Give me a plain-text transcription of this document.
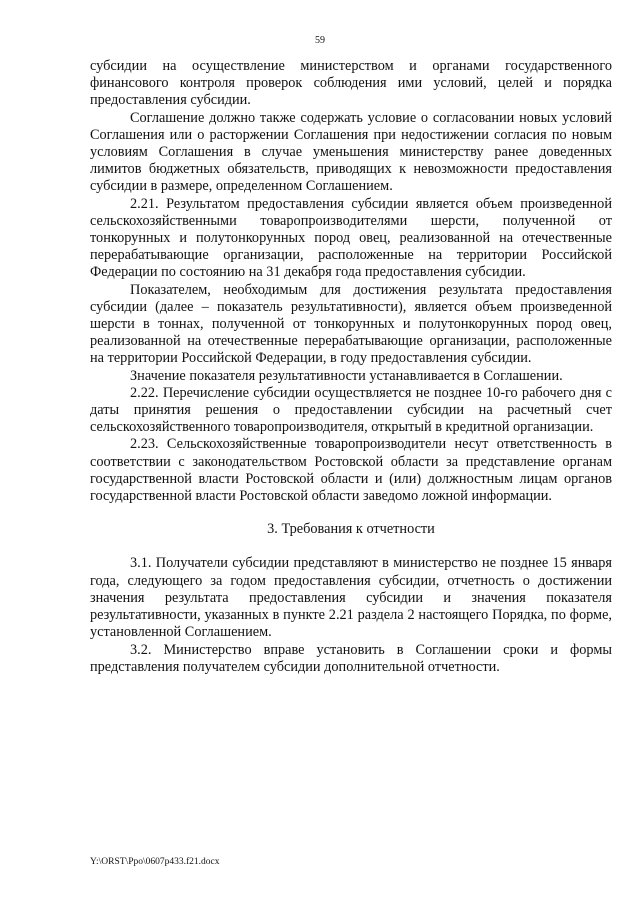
59

субсидии на осуществление министерством и органами государственного финансового контроля проверок соблюдения ими условий, целей и порядка предоставления субсидии.

Соглашение должно также содержать условие о согласовании новых условий Соглашения или о расторжении Соглашения при недостижении согласия по новым условиям Соглашения в случае уменьшения министерству ранее доведенных лимитов бюджетных обязательств, приводящих к невозможности предоставления субсидии в размере, определенном Соглашением.

2.21. Результатом предоставления субсидии является объем произведенной сельскохозяйственными товаропроизводителями шерсти, полученной от тонкорунных и полутонкорунных пород овец, реализованной на отечественные перерабатывающие организации, расположенные на территории Российской Федерации по состоянию на 31 декабря года предоставления субсидии.

Показателем, необходимым для достижения результата предоставления субсидии (далее – показатель результативности), является объем произведенной шерсти в тоннах, полученной от тонкорунных и полутонкорунных пород овец, реализованной на отечественные перерабатывающие организации, расположенные на территории Российской Федерации, в году предоставления субсидии.

Значение показателя результативности устанавливается в Соглашении.

2.22. Перечисление субсидии осуществляется не позднее 10-го рабочего дня с даты принятия решения о предоставлении субсидии на расчетный счет сельскохозяйственного товаропроизводителя, открытый в кредитной организации.

2.23. Сельскохозяйственные товаропроизводители несут ответственность в соответствии с законодательством Ростовской области за представление органам государственной власти Ростовской области и (или) должностным лицам органов государственной власти Ростовской области заведомо ложной информации.

3. Требования к отчетности

3.1. Получатели субсидии представляют в министерство не позднее 15 января года, следующего за годом предоставления субсидии, отчетность о достижении значения результата предоставления субсидии и значения показателя результативности, указанных в пункте 2.21 раздела 2 настоящего Порядка, по форме, установленной Соглашением.

3.2. Министерство вправе установить в Соглашении сроки и формы представления получателем субсидии дополнительной отчетности.

Y:\ORST\Ppo\0607p433.f21.docx
